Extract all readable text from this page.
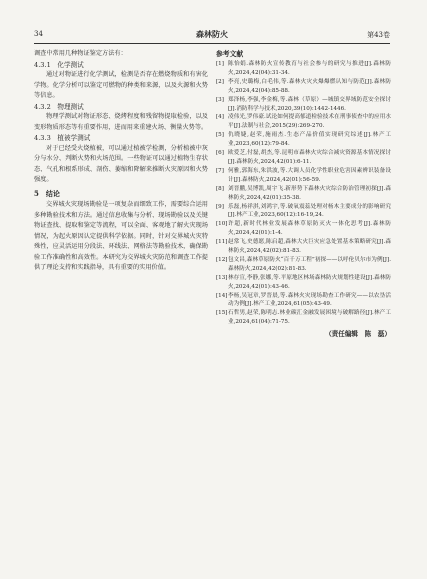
34	森林防火	第43卷

调查中常用几种物证鉴定方法有：

4.3.1　化学测试

通过对物证进行化学测试，检测是否存在燃烧物质和有害化学物。化学分析可以鉴定可燃物的种类和来源，以及火源和火势等信息。

4.3.2　物理测试

物理学测试对物证形态、烧烤程度和残留物提取检验，以及变形物质形态等有重要作用，进而用来重建火场、衡量火势等。

4.3.3　植被学测试

对于已经受火烧植被，可以通过植被学检测，分析植被中灰分与水分、判断火势和火场范围。一些物证可以通过植物生存状态、气孔和根系形成、剖伤、萎缩和降解来推断火灾原因和火势强度。

5　结论

交界城火灾现场勘验是一项复杂而细致工作，需要综合运用多种勘验技术和方法。通过信息收集与分析、现场勘验以及关键物证查找、提取和鉴定等流程，可以全面、客观地了解火灾现场情况，为起火原因认定提供科学依据。同时，针对交界城火灾特殊性，应灵活运用分段法、环线法、网格法等勘验技术，确保勘验工作准确性和高效性。本研究为交界城火灾防范和调查工作提供了理论支持和实践指导，具有重要的实用价值。

参考文献
[1] 陈怡娟.森林防火宣传教育与社会参与的研究与推进[J].森林防火,2024,42(04):31-34.
[2] 李亮,史璐梅,白毛伟,等.森林火灾火爆爆燃认知与防范[J].森林防火,2024,42(04):85-88.
[3] 郑泽杨,李强,李金梅,等.森林（草原）—城镇交界域防范安全探讨[J].消防科学与技术,2020,39(10):1442-1446.
[4] 凌伟光,罗伟豪.试论如何提高郁道检验技术在刑事侦查中的应用水平[J].法制与社会,2015(29):269-270.
[5] 仇晓婕,赵荣,施雨杰.生态产品价值实现研究综述[J].林产工业,2023,60(12):79-84.
[6] 欧爱芝,付磊,胡杰,等.昆明市森林火灾综合减灾资源基本情况探讨[J].森林防火,2024,42(01):6-11.
[7] 何雅,郭海东,朱洪波,等.大调人员化学性职业危害因素辨识装备设计[J].森林防火,2024,42(01):56-59.
[8] 刘晋鹏,吴博凯,周宇飞.新形势下森林火灾综合防治管理初探[J].森林防火,2024,42(01):35-38.
[9] 乐磊,杨祥淇,刘鸿宇,等.破氧震蕊处理对杨木主要成分的影响研究[J].林产工业,2023,60(12):16-19,24.
[10] 许超,新时代林业发展森林草原防灭火一体化思考[J].森林防火,2024,42(01):1-4.
[11] 赵常飞,史德愿,陈启超,森林大火巨灾应急处置基本策略研究[J].森林防火,2024,42(02):81-83.
[12] 包文昌,森林草原防火“百千万工程”初探——以呼伦贝尔市为例[J].森林防火,2024,42(02):81-83.
[13] 林存宣,李静,张娜,等.平原地区林场森林防火规划性建设[J].森林防火,2024,42(01):43-46.
[14] 李杨,吴冠章,罗晋晨,等.森林火灾现场勘查工作研究——以农垦活动为例[J].林产工业,2024,61(05):43-49.
[15] 石哲男,赵荣,陈明志.林业碳汇金融发展困境与破解路径[J].林产工业,2024,61(04):71-75.
（责任编辑　陈　磊）
